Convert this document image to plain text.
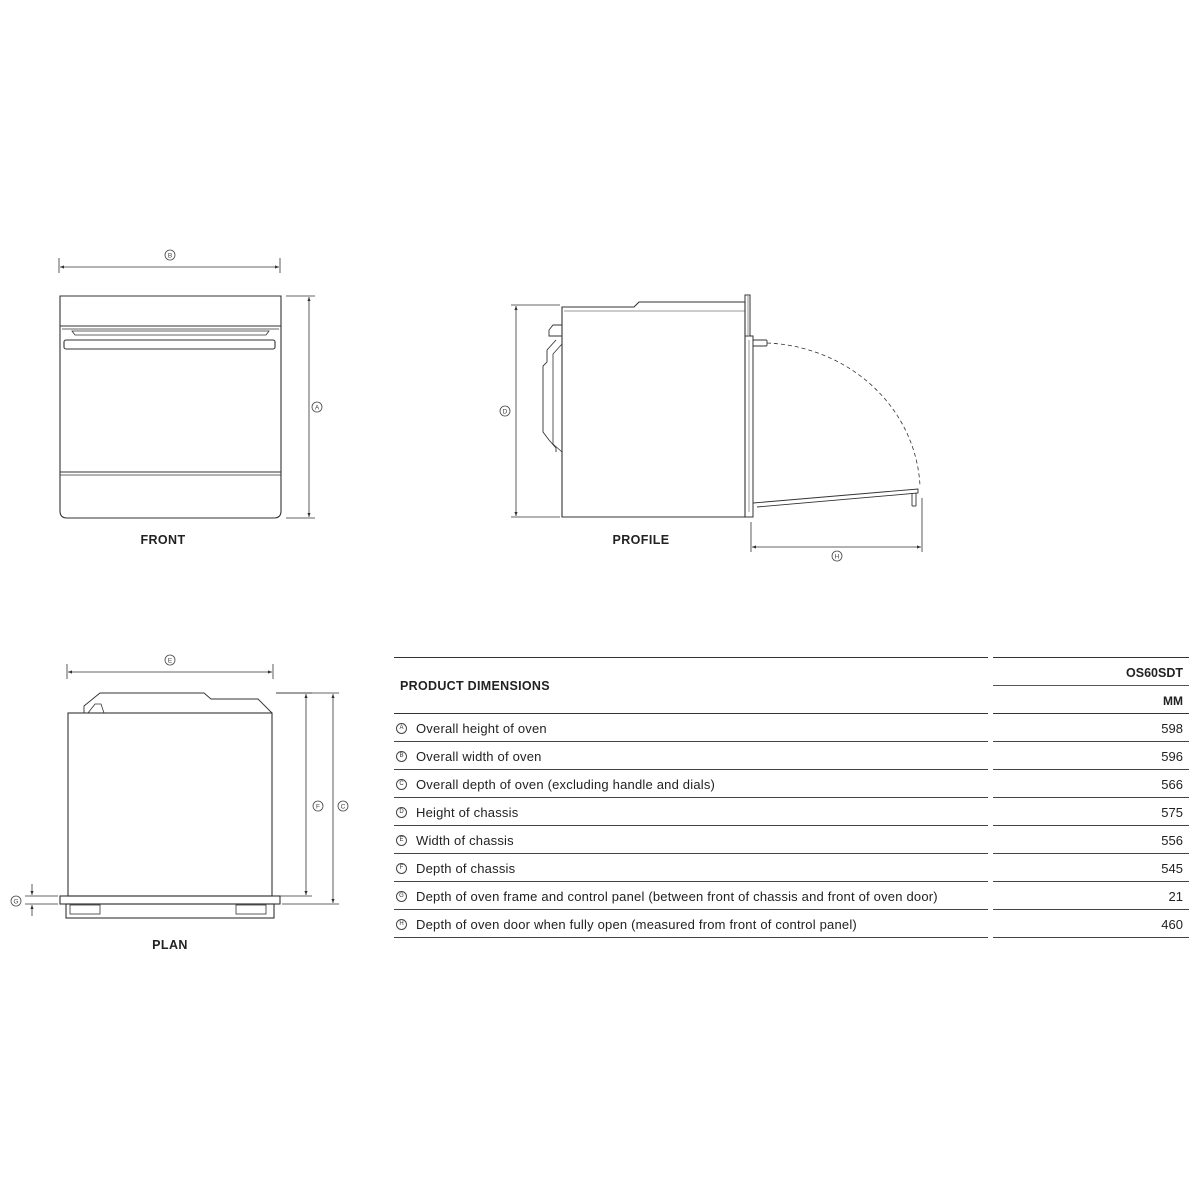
B
A
FRONT
D
H
PROFILE
E
F	C
G
PLAN
PRODUCT DIMENSIONS
OS60SDT
MM
A Overall height of oven	598
B Overall width of oven	596
C Overall depth of oven (excluding handle and dials)	566
D Height of chassis	575
E Width of chassis	556
F Depth of chassis	545
G Depth of oven frame and control panel (between front of chassis and front of oven door)	21
H Depth of oven door when fully open (measured from front of control panel)	460
